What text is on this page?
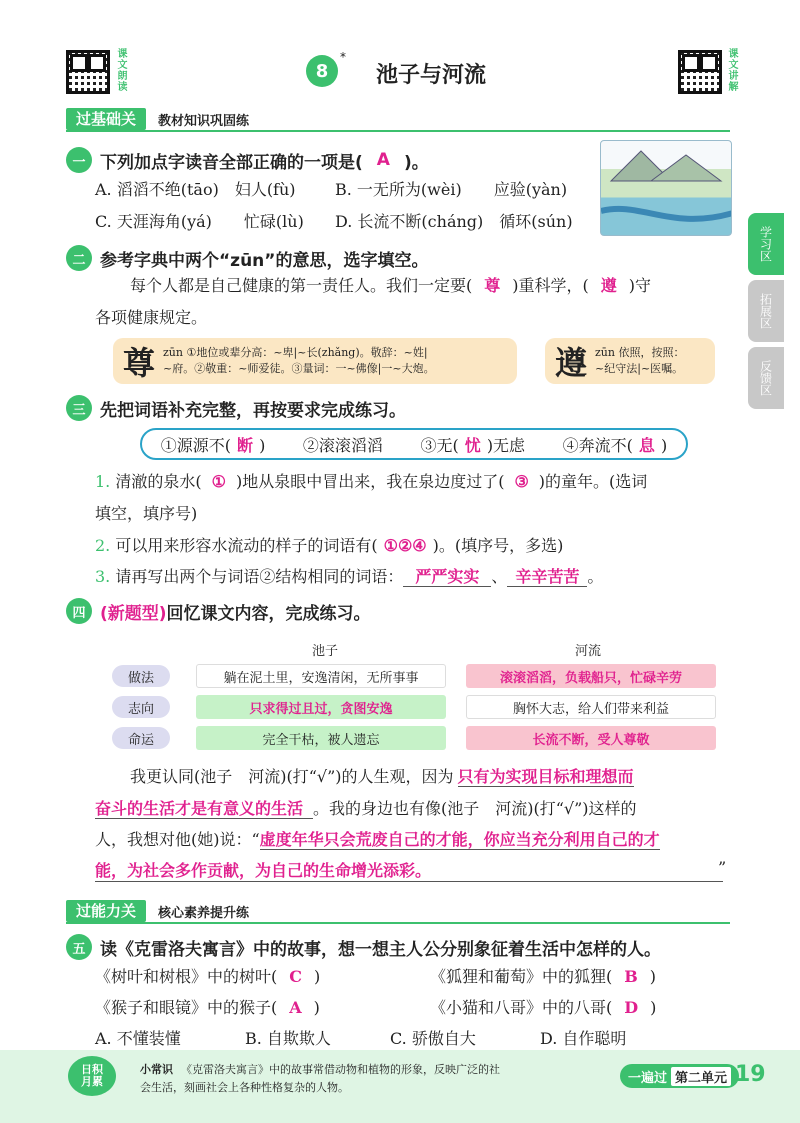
课文朗读	8
*
池子与河流	课文讲解
过基础关	教材知识巩固练
一 下列加点字读音全部正确的一项是( A )。
A. 滔滔不绝(tāo)　妇人(fù) B. 一无所为(wèi)　　应验(yàn)
C. 天涯海角(yá)　　忙碌(lù) D. 长流不断(cháng)　循环(sún)
二 参考字典中两个“zūn”的意思，选字填空。
每个人都是自己健康的第一责任人。我们一定要( 尊 )重科学，( 遵 )守
各项健康规定。
尊 zūn ①地位或辈分高：~卑|~长(zhǎng)。敬辞：~姓|
~府。②敬重：~师爱徒。③量词：一~佛像|一~大炮。	遵 zūn 依照，按照：
~纪守法|~医嘱。
三 先把词语补充完整，再按要求完成练习。
①源源不( 断 ) ②滚滚滔滔 ③无( 忧 )无虑 ④奔流不( 息 )
1. 清澈的泉水( ① )地从泉眼中冒出来，我在泉边度过了( ③ )的童年。(选词
填空，填序号)
2. 可以用来形容水流动的样子的词语有( ①②④ )。(填序号，多选)
3. 请再写出两个与词语②结构相同的词语： 严严实实 、 辛辛苦苦 。
四 (新题型) 回忆课文内容，完成练习。
池子	河流
做法	躺在泥土里，安逸清闲，无所事事	滚滚滔滔，负载船只，忙碌辛劳
志向	只求得过且过，贪图安逸	胸怀大志，给人们带来利益
命运	完全干枯，被人遗忘	长流不断，受人尊敬
我更认同(池子　河流)(打“√”)的人生观，因为 只有为实现目标和理想而
奋斗的生活才是有意义的生活 。我的身边也有像(池子　河流)(打“√”)这样的
人，我想对他(她)说：“虚度年华只会荒废自己的才能，你应当充分利用自己的才
能，为社会多作贡献，为自己的生命增光添彩。	”
过能力关	核心素养提升练
五 读《克雷洛夫寓言》中的故事，想一想主人公分别象征着生活中怎样的人。
《树叶和树根》中的树叶( C )	《狐狸和葡萄》中的狐狸( B )
《猴子和眼镜》中的猴子( A )	《小猫和八哥》中的八哥( D )
A. 不懂装懂	B. 自欺欺人	C. 骄傲自大	D. 自作聪明
日积月累
小常识 《克雷洛夫寓言》中的故事常借动物和植物的形象，反映广泛的社
会生活，刻画社会上各种性格复杂的人物。
一遍过 第二单元 19
学习区
拓展区
反馈区
